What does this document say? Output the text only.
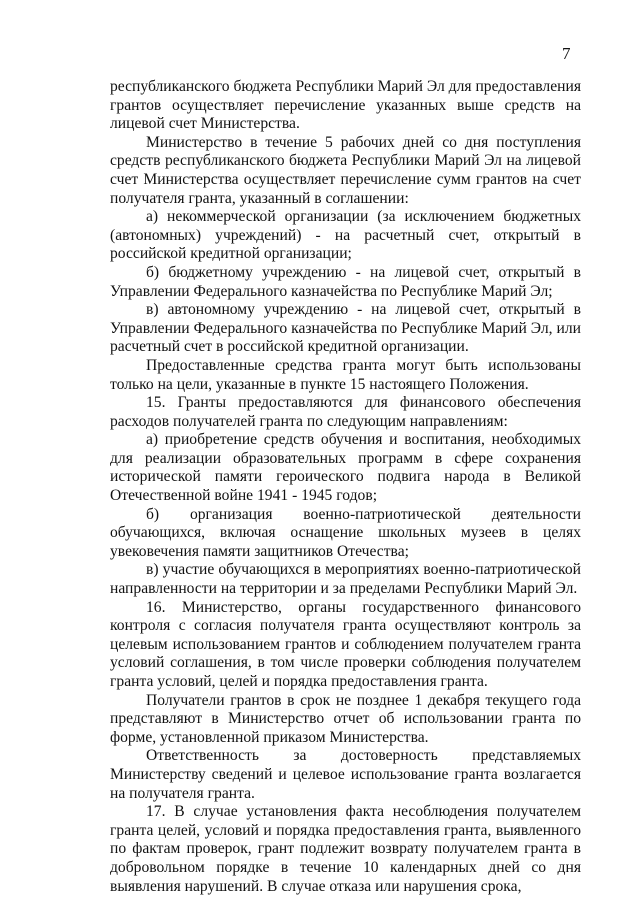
7

республиканского бюджета Республики Марий Эл для предоставления грантов осуществляет перечисление указанных выше средств на лицевой счет Министерства.

Министерство в течение 5 рабочих дней со дня поступления средств республиканского бюджета Республики Марий Эл на лицевой счет Министерства осуществляет перечисление сумм грантов на счет получателя гранта, указанный в соглашении:

а) некоммерческой организации (за исключением бюджетных (автономных) учреждений) - на расчетный счет, открытый в российской кредитной организации;

б) бюджетному учреждению - на лицевой счет, открытый в Управлении Федерального казначейства по Республике Марий Эл;

в) автономному учреждению - на лицевой счет, открытый в Управлении Федерального казначейства по Республике Марий Эл, или расчетный счет в российской кредитной организации.

Предоставленные средства гранта могут быть использованы только на цели, указанные в пункте 15 настоящего Положения.

15. Гранты предоставляются для финансового обеспечения расходов получателей гранта по следующим направлениям:

а) приобретение средств обучения и воспитания, необходимых для реализации образовательных программ в сфере сохранения исторической памяти героического подвига народа в Великой Отечественной войне 1941 - 1945 годов;

б) организация военно-патриотической деятельности обучающихся, включая оснащение школьных музеев в целях увековечения памяти защитников Отечества;

в) участие обучающихся в мероприятиях военно-патриотической направленности на территории и за пределами Республики Марий Эл.

16. Министерство, органы государственного финансового контроля с согласия получателя гранта осуществляют контроль за целевым использованием грантов и соблюдением получателем гранта условий соглашения, в том числе проверки соблюдения получателем гранта условий, целей и порядка предоставления гранта.

Получатели грантов в срок не позднее 1 декабря текущего года представляют в Министерство отчет об использовании гранта по форме, установленной приказом Министерства.

Ответственность за достоверность представляемых Министерству сведений и целевое использование гранта возлагается на получателя гранта.

17. В случае установления факта несоблюдения получателем гранта целей, условий и порядка предоставления гранта, выявленного по фактам проверок, грант подлежит возврату получателем гранта в добровольном порядке в течение 10 календарных дней со дня выявления нарушений. В случае отказа или нарушения срока,
